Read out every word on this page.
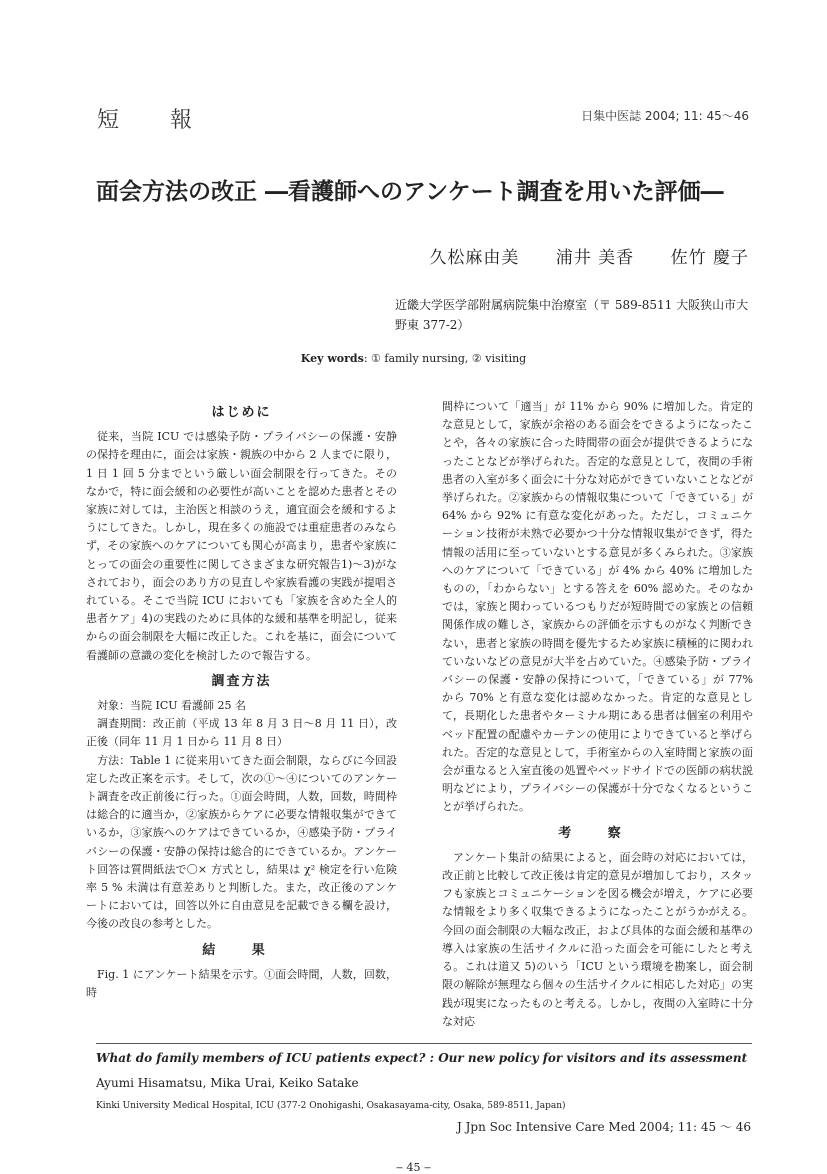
短 報	日集中医誌 2004; 11: 45～46
面会方法の改正 ―看護師へのアンケート調査を用いた評価―
久松麻由美 浦井 美香 佐竹 慶子
近畿大学医学部附属病院集中治療室（〒 589-8511 大阪狭山市大野東 377-2）
Key words: ① family nursing, ② visiting
はじめに

従来，当院 ICU では感染予防・プライバシーの保護・安静の保持を理由に，面会は家族・親族の中から 2 人までに限り，1 日 1 回 5 分までという厳しい面会制限を行ってきた。そのなかで，特に面会緩和の必要性が高いことを認めた患者とその家族に対しては，主治医と相談のうえ，適宜面会を緩和するようにしてきた。しかし，現在多くの施設では重症患者のみならず，その家族へのケアについても関心が高まり，患者や家族にとっての面会の重要性に関してさまざまな研究報告1)～3)がなされており，面会のあり方の見直しや家族看護の実践が提唱されている。そこで当院 ICU においても「家族を含めた全人的患者ケア」4)の実践のために具体的な緩和基準を明記し，従来からの面会制限を大幅に改正した。これを基に，面会について看護師の意識の変化を検討したので報告する。

調査方法

対象：当院 ICU 看護師 25 名

調査期間：改正前（平成 13 年 8 月 3 日～8 月 11 日），改正後（同年 11 月 1 日から 11 月 8 日）

方法：Table 1 に従来用いてきた面会制限，ならびに今回設定した改正案を示す。そして，次の①～④についてのアンケート調査を改正前後に行った。①面会時間，人数，回数，時間枠は総合的に適当か，②家族からケアに必要な情報収集ができているか，③家族へのケアはできているか，④感染予防・プライバシーの保護・安静の保持は総合的にできているか。アンケート回答は質問紙法で〇× 方式とし，結果は χ² 検定を行い危険率 5 % 未満は有意差ありと判断した。また，改正後のアンケートにおいては，回答以外に自由意見を記載できる欄を設け，今後の改良の参考とした。

結 果

Fig. 1 にアンケート結果を示す。①面会時間，人数，回数，時

間枠について「適当」が 11% から 90% に増加した。肯定的な意見として，家族が余裕のある面会をできるようになったことや，各々の家族に合った時間帯の面会が提供できるようになったことなどが挙げられた。否定的な意見として，夜間の手術患者の入室が多く面会に十分な対応ができていないことなどが挙げられた。②家族からの情報収集について「できている」が 64% から 92% に有意な変化があった。ただし，コミュニケーション技術が未熟で必要かつ十分な情報収集ができず，得た情報の活用に至っていないとする意見が多くみられた。③家族へのケアについて「できている」が 4% から 40% に増加したものの，「わからない」とする答えを 60% 認めた。そのなかでは，家族と関わっているつもりだが短時間での家族との信頼関係作成の難しさ，家族からの評価を示すものがなく判断できない，患者と家族の時間を優先するため家族に積極的に関われていないなどの意見が大半を占めていた。④感染予防・プライバシーの保護・安静の保持について，「できている」が 77% から 70% と有意な変化は認めなかった。肯定的な意見として，長期化した患者やターミナル期にある患者は個室の利用やベッド配置の配慮やカーテンの使用によりできていると挙げられた。否定的な意見として，手術室からの入室時間と家族の面会が重なると入室直後の処置やベッドサイドでの医師の病状説明などにより，プライバシーの保護が十分でなくなるということが挙げられた。

考 察

アンケート集計の結果によると，面会時の対応においては，改正前と比較して改正後は肯定的意見が増加しており，スタッフも家族とコミュニケーションを図る機会が増え，ケアに必要な情報をより多く収集できるようになったことがうかがえる。今回の面会制限の大幅な改正，および具体的な面会緩和基準の導入は家族の生活サイクルに沿った面会を可能にしたと考える。これは道又 5)のいう「ICU という環境を勘案し，面会制限の解除が無理なら個々の生活サイクルに相応した対応」の実践が現実になったものと考える。しかし，夜間の入室時に十分な対応

What do family members of ICU patients expect? : Our new policy for visitors and its assessment
Ayumi Hisamatsu, Mika Urai, Keiko Satake
Kinki University Medical Hospital, ICU (377-2 Onohigashi, Osakasayama-city, Osaka, 589-8511, Japan)
J Jpn Soc Intensive Care Med 2004; 11: 45 ～ 46
‒ 45 ‒
